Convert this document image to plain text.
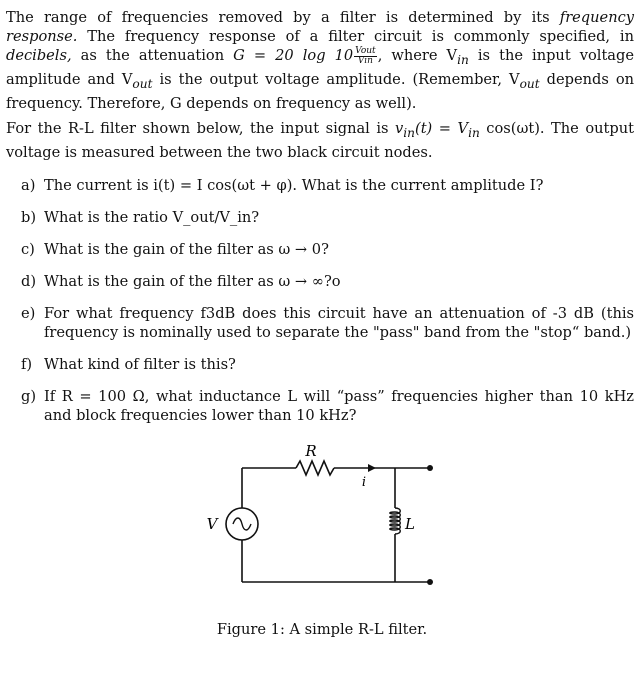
The range of frequencies removed by a filter is determined by its frequency response. The frequency response of a filter circuit is commonly specified, in decibels, as the attenuation G = 20 $\log 10 \frac{\text{Vout}}{\text{Vin}}$ , where $V_{in}$ is the input voltage amplitude and $V_{out}$ is the output voltage amplitude. (Remember, $V_{out}$ depends on frequency. Therefore, G depends on frequency as well).

For the R-L filter shown below, the input signal is $v_{in}(t) = V_{in}$ cos(ωt). The output voltage is measured between the two black circuit nodes.

a) The current is i(t) = I cos(ωt + φ). What is the current amplitude I?
b) What is the ratio V_out/V_in?
c) What is the gain of the filter as ω → 0?
d) What is the gain of the filter as ω → ∞?o
e) For what frequency f3dB does this circuit have an attenuation of -3 dB (this frequency is nominally used to separate the "pass" band from the "stop“ band.)
f) What kind of filter is this?
g) If R = 100 Ω, what inductance L will “pass” frequencies higher than 10 kHz and block frequencies lower than 10 kHz?
R
i
V	L
Figure 1: A simple R-L filter.
